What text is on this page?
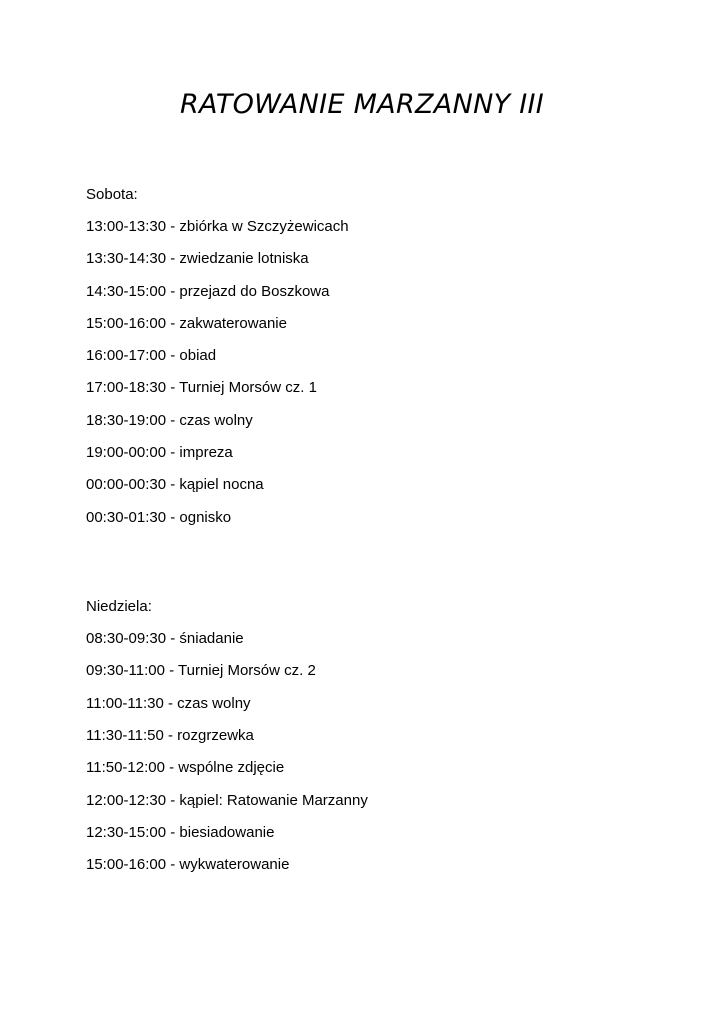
RATOWANIE MARZANNY III

Sobota:

13:00-13:30 - zbiórka w Szczyżewicach

13:30-14:30 - zwiedzanie lotniska

14:30-15:00 - przejazd do Boszkowa

15:00-16:00 - zakwaterowanie

16:00-17:00 - obiad

17:00-18:30 - Turniej Morsów cz. 1

18:30-19:00 - czas wolny

19:00-00:00 - impreza

00:00-00:30 - kąpiel nocna

00:30-01:30 - ognisko

Niedziela:

08:30-09:30 - śniadanie

09:30-11:00 - Turniej Morsów cz. 2

11:00-11:30 - czas wolny

11:30-11:50 - rozgrzewka

11:50-12:00 - wspólne zdjęcie

12:00-12:30 - kąpiel: Ratowanie Marzanny

12:30-15:00 - biesiadowanie

15:00-16:00 - wykwaterowanie
